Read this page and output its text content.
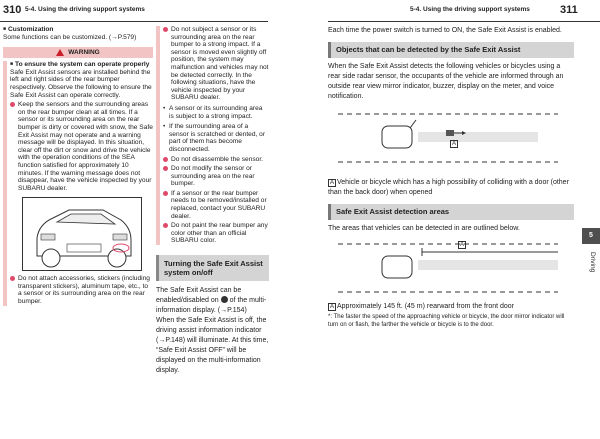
310 5-4. Using the driving support systems	5-4. Using the driving support systems	311
■ Customization
Some functions can be customized. (→P.579)
WARNING
■ To ensure the system can operate properly
Safe Exit Assist sensors are installed behind the left and right sides of the rear bumper respectively. Observe the following to ensure the Safe Exit Assist can operate correctly.
Keep the sensors and the surrounding areas on the rear bumper clean at all times. If a sensor or its surrounding area on the rear bumper is dirty or covered with snow, the Safe Exit Assist may not operate and a warning message will be displayed. In this situation, clear off the dirt or snow and drive the vehicle with the operation conditions of the SEA function satisfied for approximately 10 minutes. If the warning message does not disappear, have the vehicle inspected by your SUBARU dealer.
Do not attach accessories, stickers (including transparent stickers), aluminum tape, etc., to a sensor or its surrounding area on the rear bumper.
Do not subject a sensor or its surrounding area on the rear bumper to a strong impact. If a sensor is moved even slightly off position, the system may malfunction and vehicles may not be detected correctly. In the following situations, have the vehicle inspected by your SUBARU dealer.
• A sensor or its surrounding area is subject to a strong impact.
• If the surrounding area of a sensor is scratched or dented, or part of them has become disconnected.
Do not disassemble the sensor.
Do not modify the sensor or surrounding area on the rear bumper.
If a sensor or the rear bumper needs to be removed/installed or replaced, contact your SUBARU dealer.
Do not paint the rear bumper any color other than an official SUBARU color.
Turning the Safe Exit Assist system on/off
The Safe Exit Assist can be enabled/disabled on of the multi-information display. (→P.154)
When the Safe Exit Assist is off, the driving assist information indicator (→P.148) will illuminate. At this time, “Safe Exit Assist OFF” will be displayed on the multi-information display.
Each time the power switch is turned to ON, the Safe Exit Assist is enabled.
Objects that can be detected by the Safe Exit Assist
When the Safe Exit Assist detects the following vehicles or bicycles using a rear side radar sensor, the occupants of the vehicle are informed through an outside rear view mirror indicator, buzzer, display on the meter, and voice notification.
A
A Vehicle or bicycle which has a high possibility of colliding with a door (other than the back door) when opened
Safe Exit Assist detection areas
The areas that vehicles can be detected in are outlined below.
A
A Approximately 145 ft. (45 m) rearward from the front door
*: The faster the speed of the approaching vehicle or bicycle, the door mirror indicator will turn on or flash, the farther the vehicle or bicycle is to the door.
5
Driving
